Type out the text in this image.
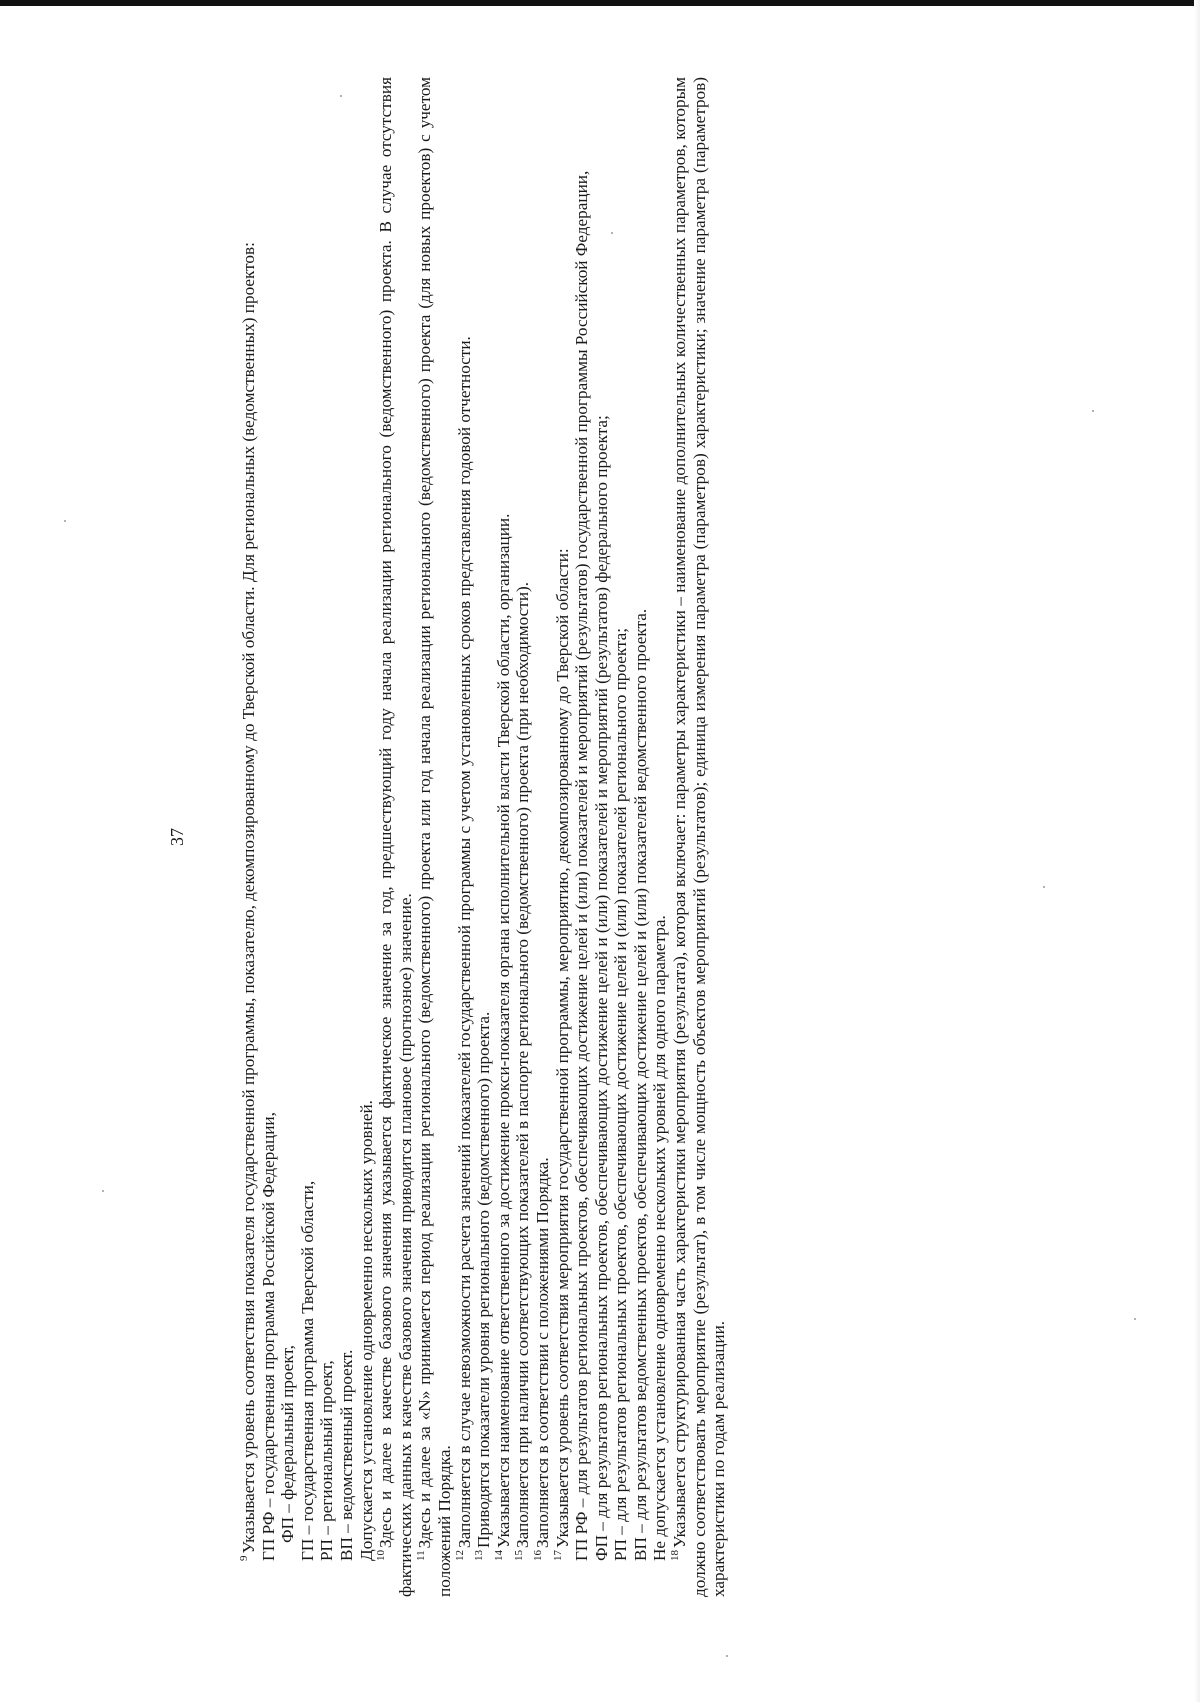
37

$^9$Указывается уровень соответствия показателя государственной программы, показателю, декомпозированному до Тверской области. Для региональных (ведомственных) проектов: ГП РФ – государственная программа Российской Федерации, ФП – федеральный проект, ГП – государственная программа Тверской области, РП – региональный проект, ВП – ведомственный проект. Допускается установление одновременно нескольких уровней. $^{10}$Здесь и далее в качестве базового значения указывается фактическое значение за год, предшествующий году начала реализации регионального (ведомственного) проекта. В случае отсутствия фактических данных в качестве базового значения приводится плановое (прогнозное) значение. $^{11}$Здесь и далее за «N» принимается период реализации регионального (ведомственного) проекта или год начала реализации регионального (ведомственного) проекта (для новых проектов) с учетом положений Порядка. $^{12}$Заполняется в случае невозможности расчета значений показателей государственной программы с учетом установленных сроков представления годовой отчетности.

$^{13}$Приводятся показатели уровня регионального (ведомственного) проекта.

$^{14}$Указывается наименование ответственного за достижение прокси-показателя органа исполнительной власти Тверской области, организации.

$^{15}$Заполняется при наличии соответствующих показателей в паспорте регионального (ведомственного) проекта (при необходимости).

$^{16}$Заполняется в соответствии с положениями Порядка.

$^{17}$Указывается уровень соответствия мероприятия государственной программы, мероприятию, декомпозированному до Тверской области: ГП РФ – для результатов региональных проектов, обеспечивающих достижение целей и (или) показателей и мероприятий (результатов) государственной программы Российской Федерации, ФП – для результатов региональных проектов, обеспечивающих достижение целей и (или) показателей и мероприятий (результатов) федерального проекта; РП – для результатов региональных проектов, обеспечивающих достижение целей и (или) показателей регионального проекта; ВП – для результатов ведомственных проектов, обеспечивающих достижение целей и (или) показателей ведомственного проекта. Не допускается установление одновременно нескольких уровней для одного параметра. $^{18}$Указывается структурированная часть характеристики мероприятия (результата), которая включает: параметры характеристики – наименование дополнительных количественных параметров, которым должно соответствовать мероприятие (результат), в том числе мощность объектов мероприятий (результатов); единица измерения параметра (параметров) характеристики; значение параметра (параметров) характеристики по годам реализации.
